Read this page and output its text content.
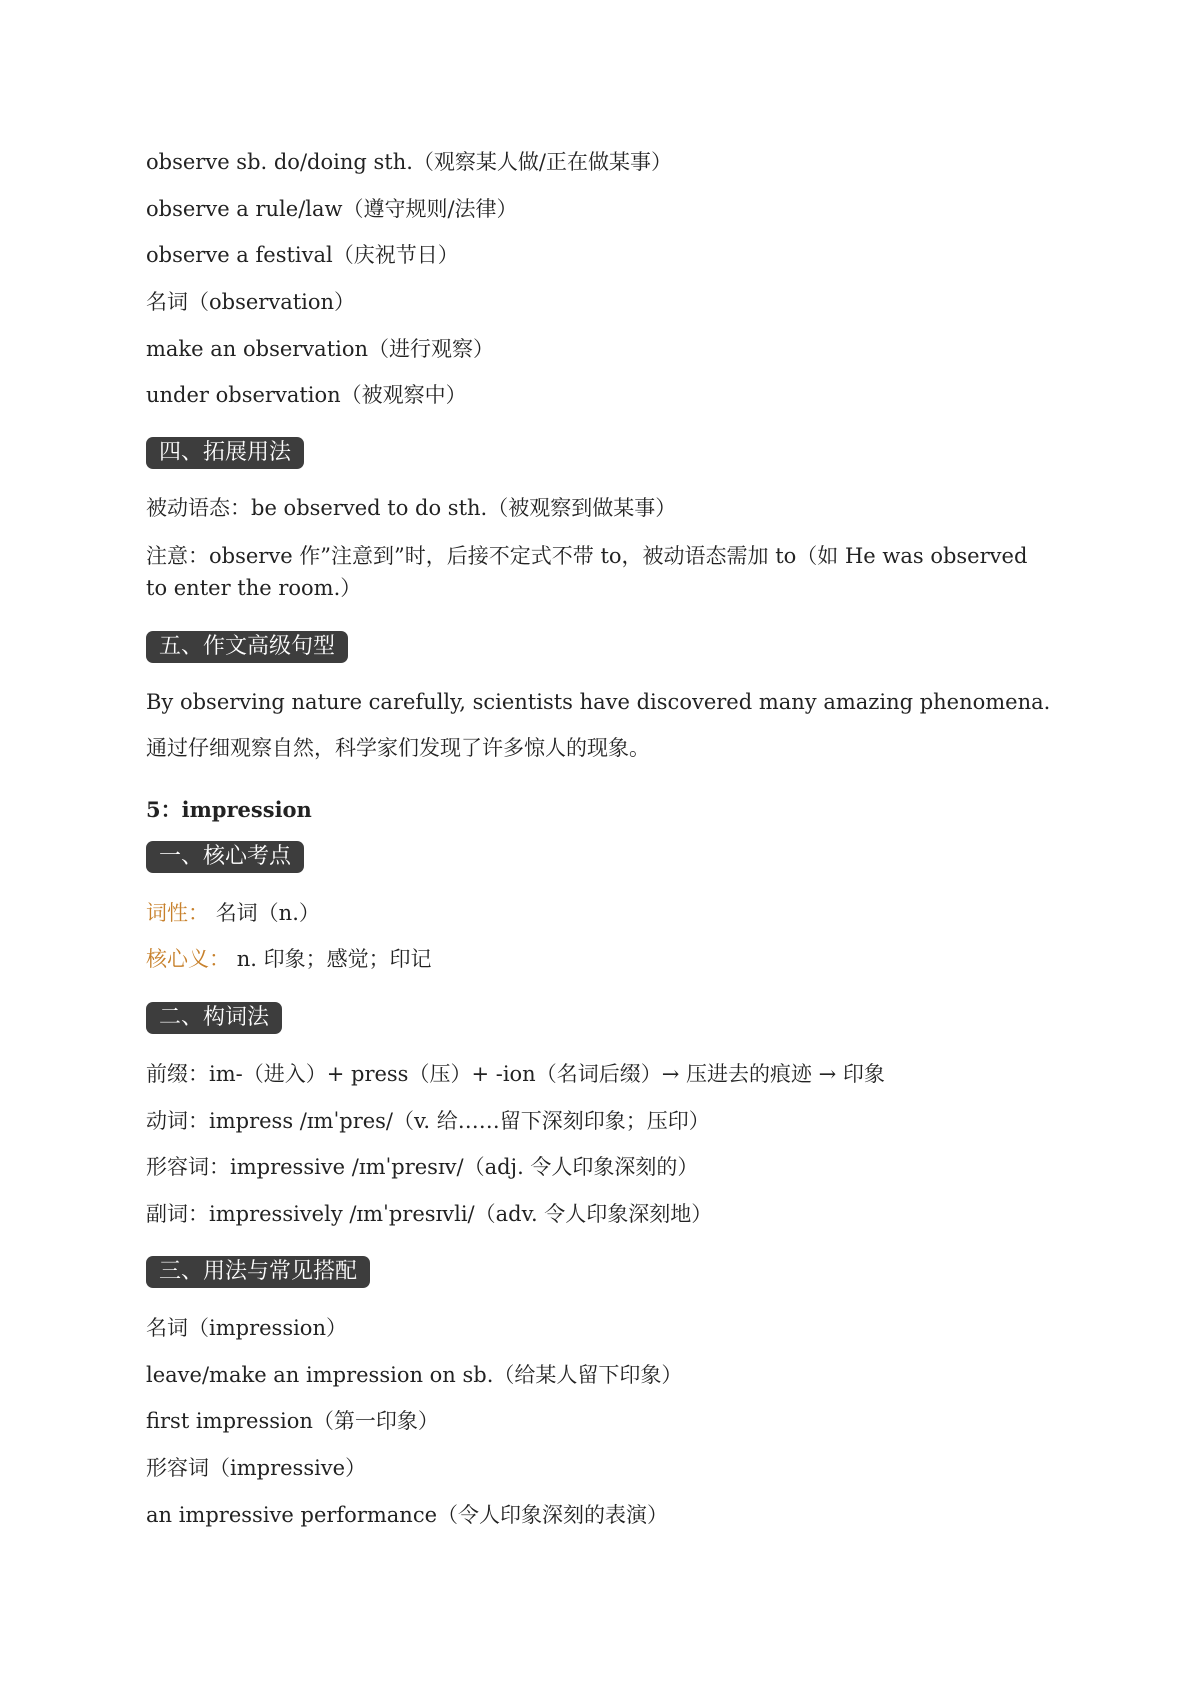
observe sb. do/doing sth.（观察某人做/正在做某事）
observe a rule/law（遵守规则/法律）
observe a festival（庆祝节日）
名词（observation）
make an observation（进行观察）
under observation（被观察中）
四、拓展用法
被动语态：be observed to do sth.（被观察到做某事）
注意：observe 作”注意到”时，后接不定式不带 to，被动语态需加 to（如 He was observed to enter the room.）
五、作文高级句型
By observing nature carefully, scientists have discovered many amazing phenomena.
通过仔细观察自然，科学家们发现了许多惊人的现象。
5：impression
一、核心考点
词性： 名词（n.）
核心义： n. 印象；感觉；印记
二、构词法
前缀：im-（进入）+ press（压）+ -ion（名词后缀）→ 压进去的痕迹 → 印象
动词：impress /ɪmˈpres/（v. 给……留下深刻印象；压印）
形容词：impressive /ɪmˈpresɪv/（adj. 令人印象深刻的）
副词：impressively /ɪmˈpresɪvli/（adv. 令人印象深刻地）
三、用法与常见搭配
名词（impression）
leave/make an impression on sb.（给某人留下印象）
first impression（第一印象）
形容词（impressive）
an impressive performance（令人印象深刻的表演）
